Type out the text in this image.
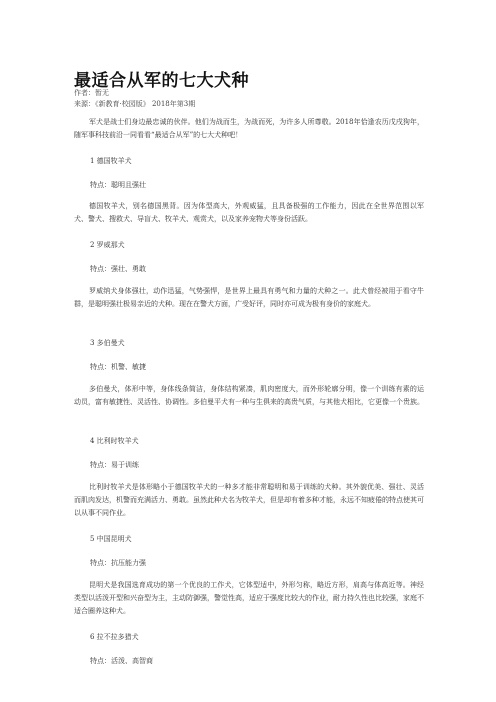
最适合从军的七大犬种
作者：暂无
来源：《新教育·校园版》 2018年第3期

军犬是战士们身边最忠诚的伙伴。他们为战而生，为战而死，为许多人所尊敬。2018年恰逢农历戊戌狗年，随军事科技前沿一同看看“最适合从军”的七大犬种吧！

1 德国牧羊犬

特点：聪明且强壮

德国牧羊犬，别名德国黑背。因为体型高大，外观威猛，且具备极强的工作能力，因此在全世界范围以军犬、警犬、搜救犬、导盲犬、牧羊犬、观赏犬，以及家养宠物犬等身份活跃。

2 罗威那犬

特点：强壮、勇敢

罗威纳犬身体强壮，动作迅猛，气势强悍，是世界上最具有勇气和力量的犬种之一。此犬曾经被用于看守牛群，是聪明强壮极易亲近的犬种。现在在警犬方面，广受好评，同时亦可成为极有身价的家庭犬。

3 多伯曼犬

特点：机警、敏捷

多伯曼犬，体形中等，身体线条简洁，身体结构紧凑，肌肉密度大，而外形轮廓分明，像一个训练有素的运动员，富有敏捷性、灵活性、协调性。多伯曼平犬有一种与生俱来的高贵气质，与其他犬相比，它更像一个贵族。

4 比利时牧羊犬

特点：易于训练

比利时牧羊犬是体形略小于德国牧羊犬的一种多才能非常聪明和易于训练的犬种。其外貌优美、强壮、灵活而肌肉发达，机警而充满活力、勇敢。虽然此种犬名为牧羊犬，但是却有着多种才能，永远不知疲倦的特点使其可以从事不同作业。

5 中国昆明犬

特点：抗压能力强

昆明犬是我国选育成功的第一个优良的工作犬，它体型适中，外形匀称，略近方形，肩高与体高近等。神经类型以活泼开型和兴奋型为主，主动防御强，警觉性高，适应于强度比较大的作业，耐力持久性也比较强，家庭不适合圈养这种犬。

6 拉不拉多猎犬

特点：活泼、高智商
